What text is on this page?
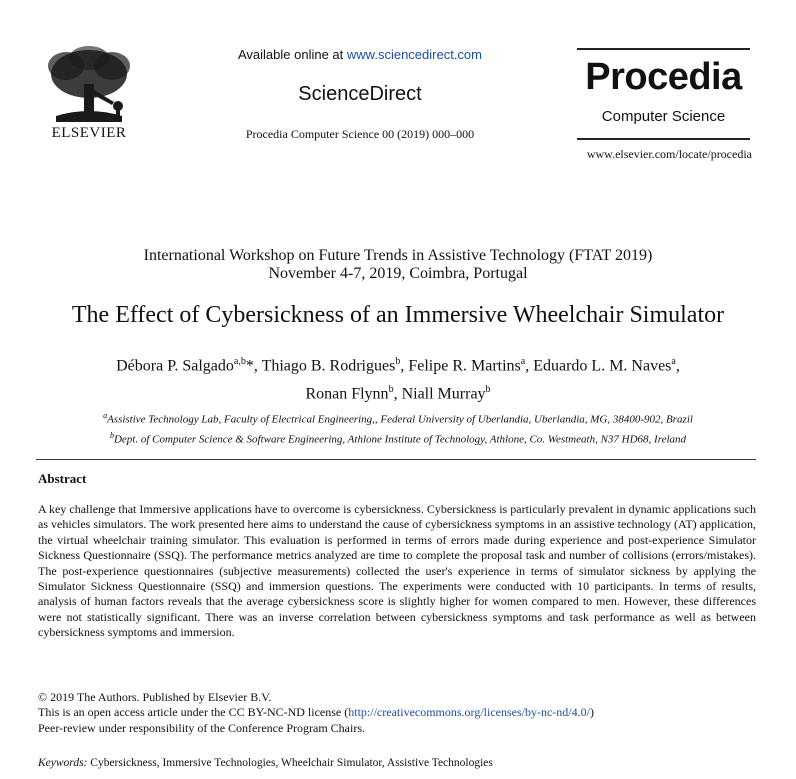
ELSEVIER
Available online at www.sciencedirect.com
ScienceDirect
Procedia Computer Science 00 (2019) 000–000
Procedia
Computer Science
www.elsevier.com/locate/procedia
International Workshop on Future Trends in Assistive Technology (FTAT 2019)
November 4-7, 2019, Coimbra, Portugal
The Effect of Cybersickness of an Immersive Wheelchair Simulator
Débora P. Salgado$^{a,b}$*, Thiago B. Rodrigues$^b$, Felipe R. Martins$^a$, Eduardo L. M. Naves$^a$,
Ronan Flynn$^b$, Niall Murray$^b$
$^a$Assistive Technology Lab, Faculty of Electrical Engineering,, Federal University of Uberlandia, Uberlandia, MG, 38400-902, Brazil
$^b$Dept. of Computer Science & Software Engineering, Athlone Institute of Technology, Athlone, Co. Westmeath, N37 HD68, Ireland
Abstract
A key challenge that Immersive applications have to overcome is cybersickness. Cybersickness is particularly prevalent in dynamic applications such as vehicles simulators. The work presented here aims to understand the cause of cybersickness symptoms in an assistive technology (AT) application, the virtual wheelchair training simulator. This evaluation is performed in terms of errors made during experience and post-experience Simulator Sickness Questionnaire (SSQ). The performance metrics analyzed are time to complete the proposal task and number of collisions (errors/mistakes). The post-experience questionnaires (subjective measurements) collected the user's experience in terms of simulator sickness by applying the Simulator Sickness Questionnaire (SSQ) and immersion questions. The experiments were conducted with 10 participants. In terms of results, analysis of human factors reveals that the average cybersickness score is slightly higher for women compared to men. However, these differences were not statistically significant. There was an inverse correlation between cybersickness symptoms and task performance as well as between cybersickness symptoms and immersion.
© 2019 The Authors. Published by Elsevier B.V.
This is an open access article under the CC BY-NC-ND license (http://creativecommons.org/licenses/by-nc-nd/4.0/)
Peer-review under responsibility of the Conference Program Chairs.
Keywords: Cybersickness, Immersive Technologies, Wheelchair Simulator, Assistive Technologies
